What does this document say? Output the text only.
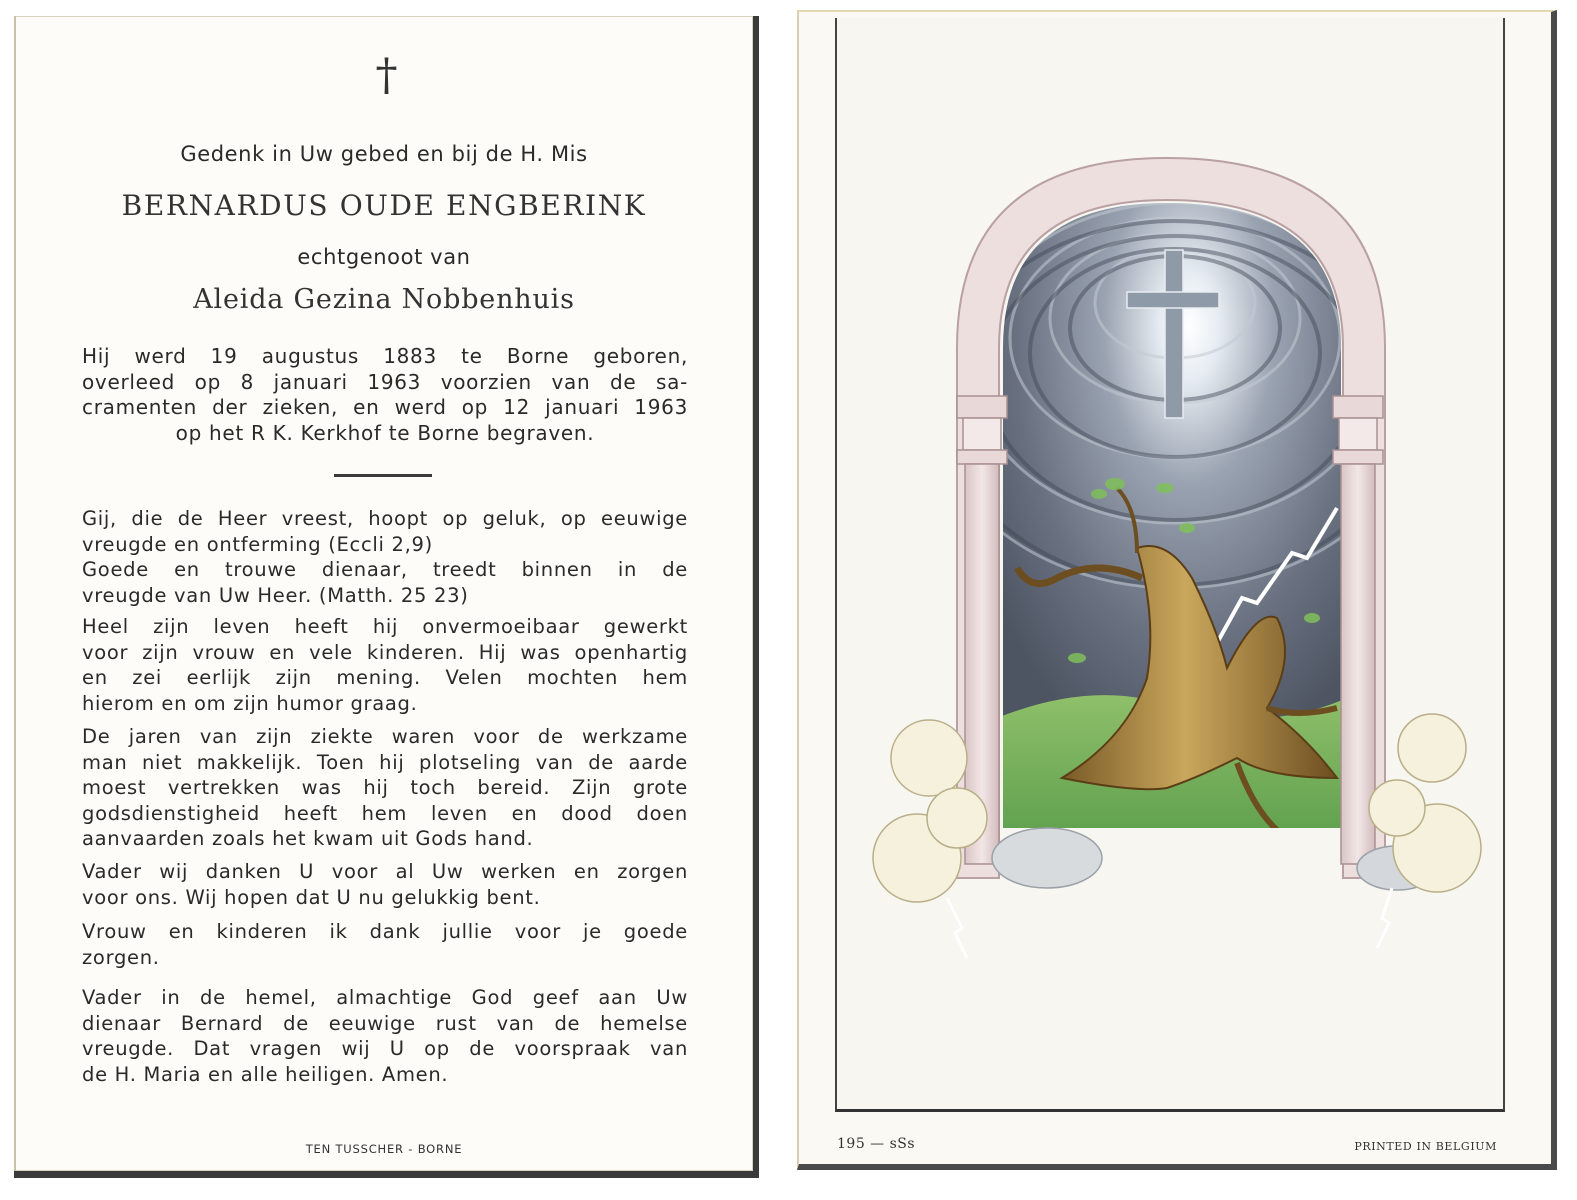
†

Gedenk in Uw gebed en bij de H. Mis

BERNARDUS OUDE ENGBERINK

echtgenoot van

Aleida Gezina Nobbenhuis

Hij werd 19 augustus 1883 te Borne geboren,
overleed op 8 januari 1963 voorzien van de sa-
cramenten der zieken, en werd op 12 januari 1963
op het R K. Kerkhof te Borne begraven.
Gij, die de Heer vreest, hoopt op geluk, op eeuwige
vreugde en ontferming (Eccli 2,9)
Goede en trouwe dienaar, treedt binnen in de
vreugde van Uw Heer. (Matth. 25 23)
Heel zijn leven heeft hij onvermoeibaar gewerkt
voor zijn vrouw en vele kinderen. Hij was openhartig
en zei eerlijk zijn mening. Velen mochten hem
hierom en om zijn humor graag.
De jaren van zijn ziekte waren voor de werkzame
man niet makkelijk. Toen hij plotseling van de aarde
moest vertrekken was hij toch bereid. Zijn grote
godsdienstigheid heeft hem leven en dood doen
aanvaarden zoals het kwam uit Gods hand.
Vader wij danken U voor al Uw werken en zorgen
voor ons. Wij hopen dat U nu gelukkig bent.
Vrouw en kinderen ik dank jullie voor je goede
zorgen.
Vader in de hemel, almachtige God geef aan Uw
dienaar Bernard de eeuwige rust van de hemelse
vreugde. Dat vragen wij U op de voorspraak van
de H. Maria en alle heiligen. Amen.
TEN TUSSCHER - BORNE	195 — sSs	PRINTED IN BELGIUM
